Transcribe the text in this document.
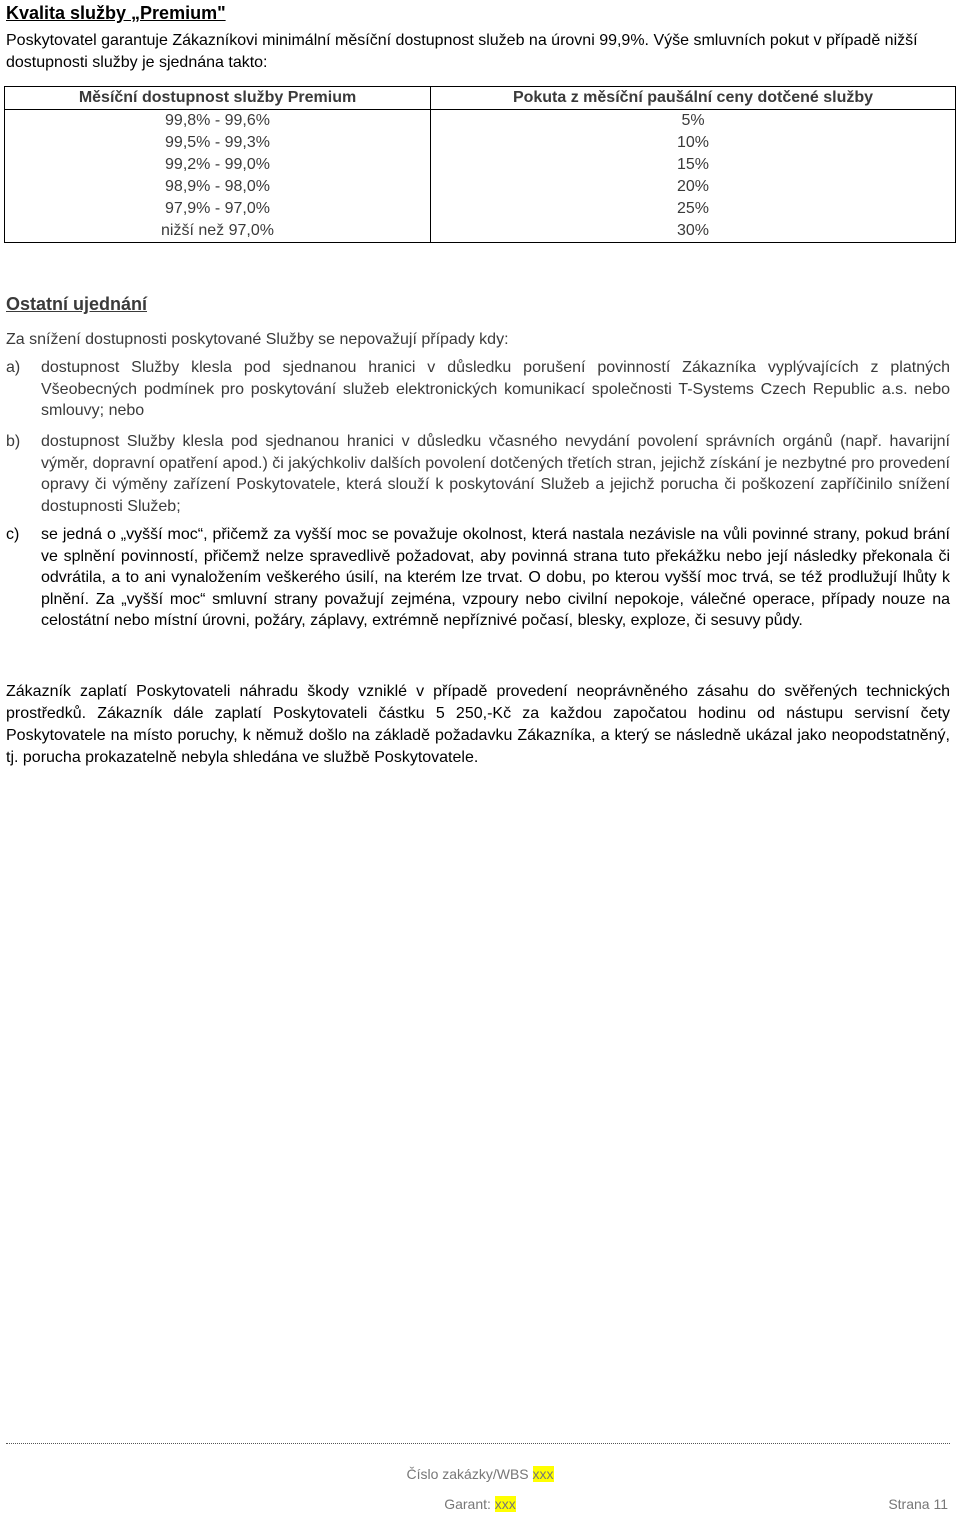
Kvalita služby „Premium"
Poskytovatel garantuje Zákazníkovi minimální měsíční dostupnost služeb na úrovni 99,9%. Výše smluvních pokut v případě nižší dostupnosti služby je sjednána takto:
Měsíční dostupnost služby Premium	Pokuta z měsíční paušální ceny dotčené služby
99,8% - 99,6%	5%
99,5% - 99,3%	10%
99,2% - 99,0%	15%
98,9% - 98,0%	20%
97,9% - 97,0%	25%
nižší než 97,0%	30%
Ostatní ujednání
Za snížení dostupnosti poskytované Služby se nepovažují případy kdy:
a) dostupnost Služby klesla pod sjednanou hranici v důsledku porušení povinností Zákazníka vyplývajících z platných Všeobecných podmínek pro poskytování služeb elektronických komunikací společnosti T-Systems Czech Republic a.s. nebo smlouvy; nebo
b) dostupnost Služby klesla pod sjednanou hranici v důsledku včasného nevydání povolení správních orgánů (např. havarijní výměr, dopravní opatření apod.) či jakýchkoliv dalších povolení dotčených třetích stran, jejichž získání je nezbytné pro provedení opravy či výměny zařízení Poskytovatele, která slouží k poskytování Služeb a jejichž porucha či poškození zapříčinilo snížení dostupnosti Služeb;
c) se jedná o „vyšší moc“, přičemž za vyšší moc se považuje okolnost, která nastala nezávisle na vůli povinné strany, pokud brání ve splnění povinností, přičemž nelze spravedlivě požadovat, aby povinná strana tuto překážku nebo její následky překonala či odvrátila, a to ani vynaložením veškerého úsilí, na kterém lze trvat. O dobu, po kterou vyšší moc trvá, se též prodlužují lhůty k plnění. Za „vyšší moc“ smluvní strany považují zejména, vzpoury nebo civilní nepokoje, válečné operace, případy nouze na celostátní nebo místní úrovni, požáry, záplavy, extrémně nepříznivé počasí, blesky, exploze, či sesuvy půdy.
Zákazník zaplatí Poskytovateli náhradu škody vzniklé v případě provedení neoprávněného zásahu do svěřených technických prostředků. Zákazník dále zaplatí Poskytovateli částku 5 250,-Kč za každou započatou hodinu od nástupu servisní čety Poskytovatele na místo poruchy, k němuž došlo na základě požadavku Zákazníka, a který se následně ukázal jako neopodstatněný, tj. porucha prokazatelně nebyla shledána ve službě Poskytovatele.
Číslo zakázky/WBS xxx
Garant: xxx	Strana 11
